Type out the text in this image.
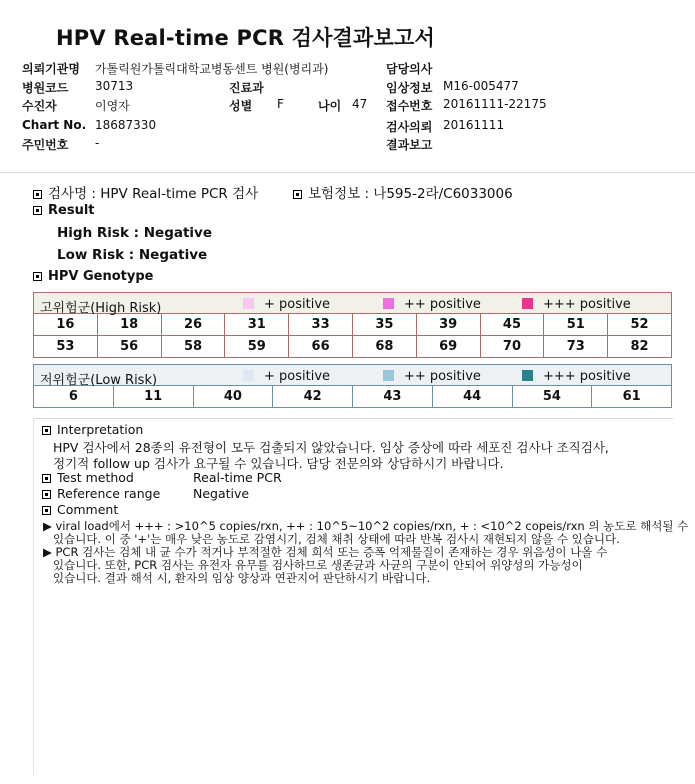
HPV Real-time PCR 검사결과보고서
의뢰기관명 가톨릭원가톨릭대학교병동센트 병원(병리과)	담당의사
병원코드 30713	진료과	임상정보 M16-005477
수진자	이영자	성별 F	나이 47 접수번호 20161111-22175
Chart No. 18687330	검사의뢰 20161111
주민번호 -	결과보고
검사명 : HPV Real-time PCR 검사	보험정보 : 나595-2라/C6033006
Result
High Risk : Negative
Low Risk : Negative
HPV Genotype
고위험군(High Risk)	+ positive	++ positive	+++ positive
16	18	26	31	33	35	39	45	51	52
53	56	58	59	66	68	69	70	73	82
저위험군(Low Risk)	+ positive	++ positive	+++ positive
6	11	40	42	43	44	54	61
Interpretation
HPV 검사에서 28종의 유전형이 모두 검출되지 않았습니다. 임상 증상에 따라 세포진 검사나 조직검사,
정기적 follow up 검사가 요구될 수 있습니다. 담당 전문의와 상담하시기 바랍니다.
Test method	Real-time PCR
Reference range	Negative
Comment
▶ viral load에서 +++ : >10^5 copies/rxn, ++ : 10^5~10^2 copies/rxn, + : <10^2 copeis/rxn 의 농도로 해석될 수
있습니다. 이 중 '+'는 매우 낮은 농도로 감염시기, 검체 채취 상태에 따라 반복 검사시 재현되지 않을 수 있습니다.
▶ PCR 검사는 검체 내 균 수가 적거나 부적절한 검체 희석 또는 증폭 억제물질이 존재하는 경우 위음성이 나올 수
있습니다. 또한, PCR 검사는 유전자 유무를 검사하므로 생존균과 사균의 구분이 안되어 위양성의 가능성이
있습니다. 결과 해석 시, 환자의 임상 양상과 연관지어 판단하시기 바랍니다.
